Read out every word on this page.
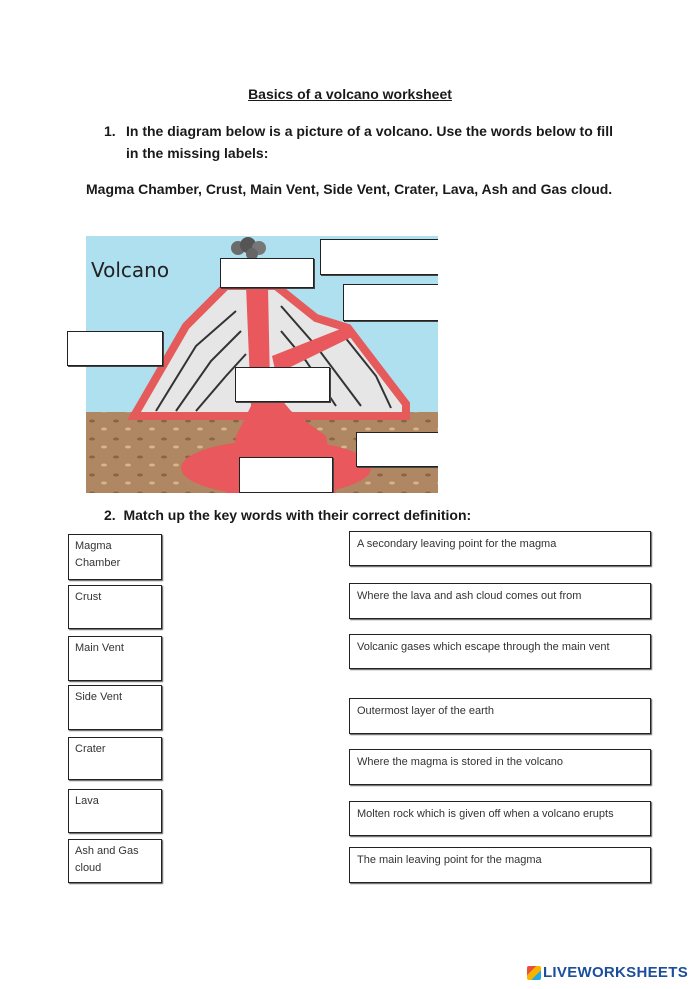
Basics of a volcano worksheet
1. In the diagram below is a picture of a volcano. Use the words below to fill in the missing labels:
Magma Chamber, Crust, Main Vent, Side Vent, Crater, Lava, Ash and Gas cloud.
Volcano
2. Match up the key words with their correct definition:
Magma Chamber
Crust
Main Vent
Side Vent
Crater
Lava
Ash and Gas cloud
A secondary leaving point for the magma
Where the lava and ash cloud comes out from
Volcanic gases which escape through the main vent
Outermost layer of the earth
Where the magma is stored in the volcano
Molten rock which is given off when a volcano erupts
The main leaving point for the magma
LIVEWORKSHEETS
